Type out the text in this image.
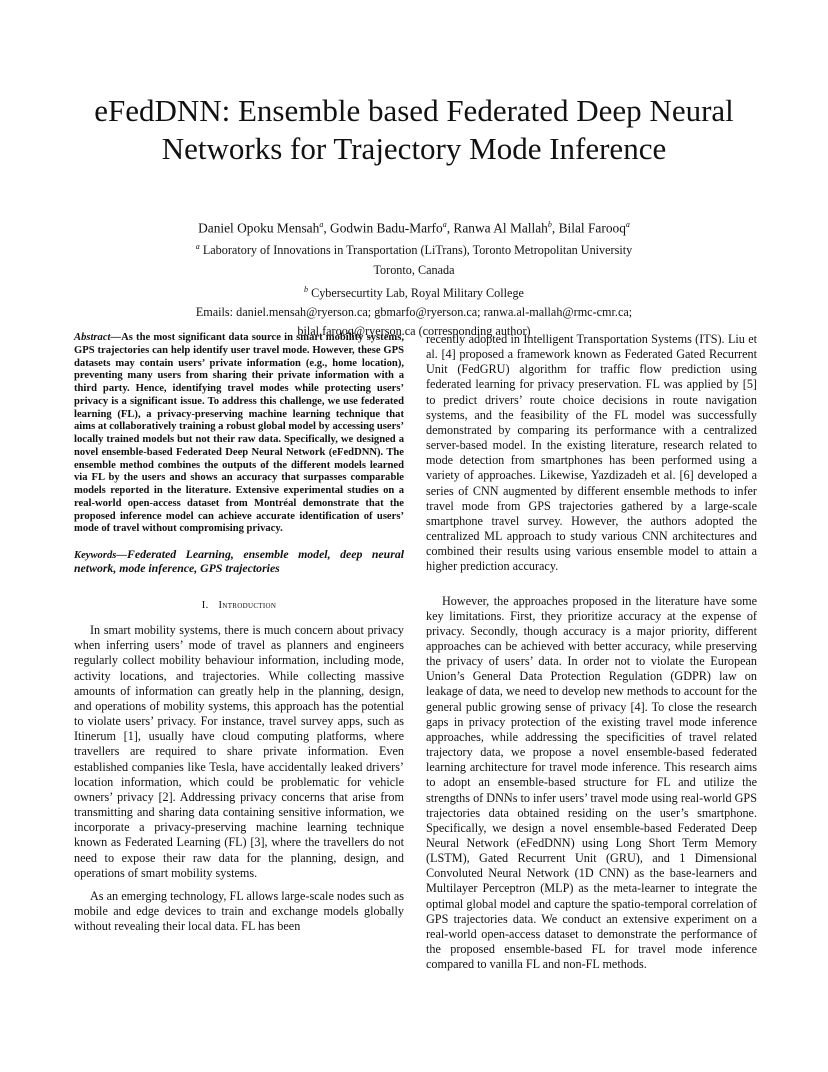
eFedDNN: Ensemble based Federated Deep Neural Networks for Trajectory Mode Inference
Daniel Opoku Mensah$^a$, Godwin Badu-Marfo$^a$, Ranwa Al Mallah$^b$, Bilal Farooq$^a$
$^a$ Laboratory of Innovations in Transportation (LiTrans), Toronto Metropolitan University
Toronto, Canada
$^b$ Cybersecurtity Lab, Royal Military College
Emails: daniel.mensah@ryerson.ca; gbmarfo@ryerson.ca; ranwa.al-mallah@rmc-cmr.ca;
bilal.farooq@ryerson.ca (corresponding author)

Abstract—As the most significant data source in smart mobility systems, GPS trajectories can help identify user travel mode. However, these GPS datasets may contain users’ private information (e.g., home location), preventing many users from sharing their private information with a third party. Hence, identifying travel modes while protecting users’ privacy is a significant issue. To address this challenge, we use federated learning (FL), a privacy-preserving machine learning technique that aims at collaboratively training a robust global model by accessing users’ locally trained models but not their raw data. Specifically, we designed a novel ensemble-based Federated Deep Neural Network (eFedDNN). The ensemble method combines the outputs of the different models learned via FL by the users and shows an accuracy that surpasses comparable models reported in the literature. Extensive experimental studies on a real-world open-access dataset from Montréal demonstrate that the proposed inference model can achieve accurate identification of users’ mode of travel without compromising privacy.

Keywords—Federated Learning, ensemble model, deep neural network, mode inference, GPS trajectories

I. Introduction

In smart mobility systems, there is much concern about privacy when inferring users’ mode of travel as planners and engineers regularly collect mobility behaviour information, including mode, activity locations, and trajectories. While collecting massive amounts of information can greatly help in the planning, design, and operations of mobility systems, this approach has the potential to violate users’ privacy. For instance, travel survey apps, such as Itinerum [1], usually have cloud computing platforms, where travellers are required to share private information. Even established companies like Tesla, have accidentally leaked drivers’ location information, which could be problematic for vehicle owners’ privacy [2]. Addressing privacy concerns that arise from transmitting and sharing data containing sensitive information, we incorporate a privacy-preserving machine learning technique known as Federated Learning (FL) [3], where the travellers do not need to expose their raw data for the planning, design, and operations of smart mobility systems.

As an emerging technology, FL allows large-scale nodes such as mobile and edge devices to train and exchange models globally without revealing their local data. FL has been

recently adopted in Intelligent Transportation Systems (ITS). Liu et al. [4] proposed a framework known as Federated Gated Recurrent Unit (FedGRU) algorithm for traffic flow prediction using federated learning for privacy preservation. FL was applied by [5] to predict drivers’ route choice decisions in route navigation systems, and the feasibility of the FL model was successfully demonstrated by comparing its performance with a centralized server-based model. In the existing literature, research related to mode detection from smartphones has been performed using a variety of approaches. Likewise, Yazdizadeh et al. [6] developed a series of CNN augmented by different ensemble methods to infer travel mode from GPS trajectories gathered by a large-scale smartphone travel survey. However, the authors adopted the centralized ML approach to study various CNN architectures and combined their results using various ensemble model to attain a higher prediction accuracy.

However, the approaches proposed in the literature have some key limitations. First, they prioritize accuracy at the expense of privacy. Secondly, though accuracy is a major priority, different approaches can be achieved with better accuracy, while preserving the privacy of users’ data. In order not to violate the European Union’s General Data Protection Regulation (GDPR) law on leakage of data, we need to develop new methods to account for the general public growing sense of privacy [4]. To close the research gaps in privacy protection of the existing travel mode inference approaches, while addressing the specificities of travel related trajectory data, we propose a novel ensemble-based federated learning architecture for travel mode inference. This research aims to adopt an ensemble-based structure for FL and utilize the strengths of DNNs to infer users’ travel mode using real-world GPS trajectories data obtained residing on the user’s smartphone. Specifically, we design a novel ensemble-based Federated Deep Neural Network (eFedDNN) using Long Short Term Memory (LSTM), Gated Recurrent Unit (GRU), and 1 Dimensional Convoluted Neural Network (1D CNN) as the base-learners and Multilayer Perceptron (MLP) as the meta-learner to integrate the optimal global model and capture the spatio-temporal correlation of GPS trajectories data. We conduct an extensive experiment on a real-world open-access dataset to demonstrate the performance of the proposed ensemble-based FL for travel mode inference compared to vanilla FL and non-FL methods.
